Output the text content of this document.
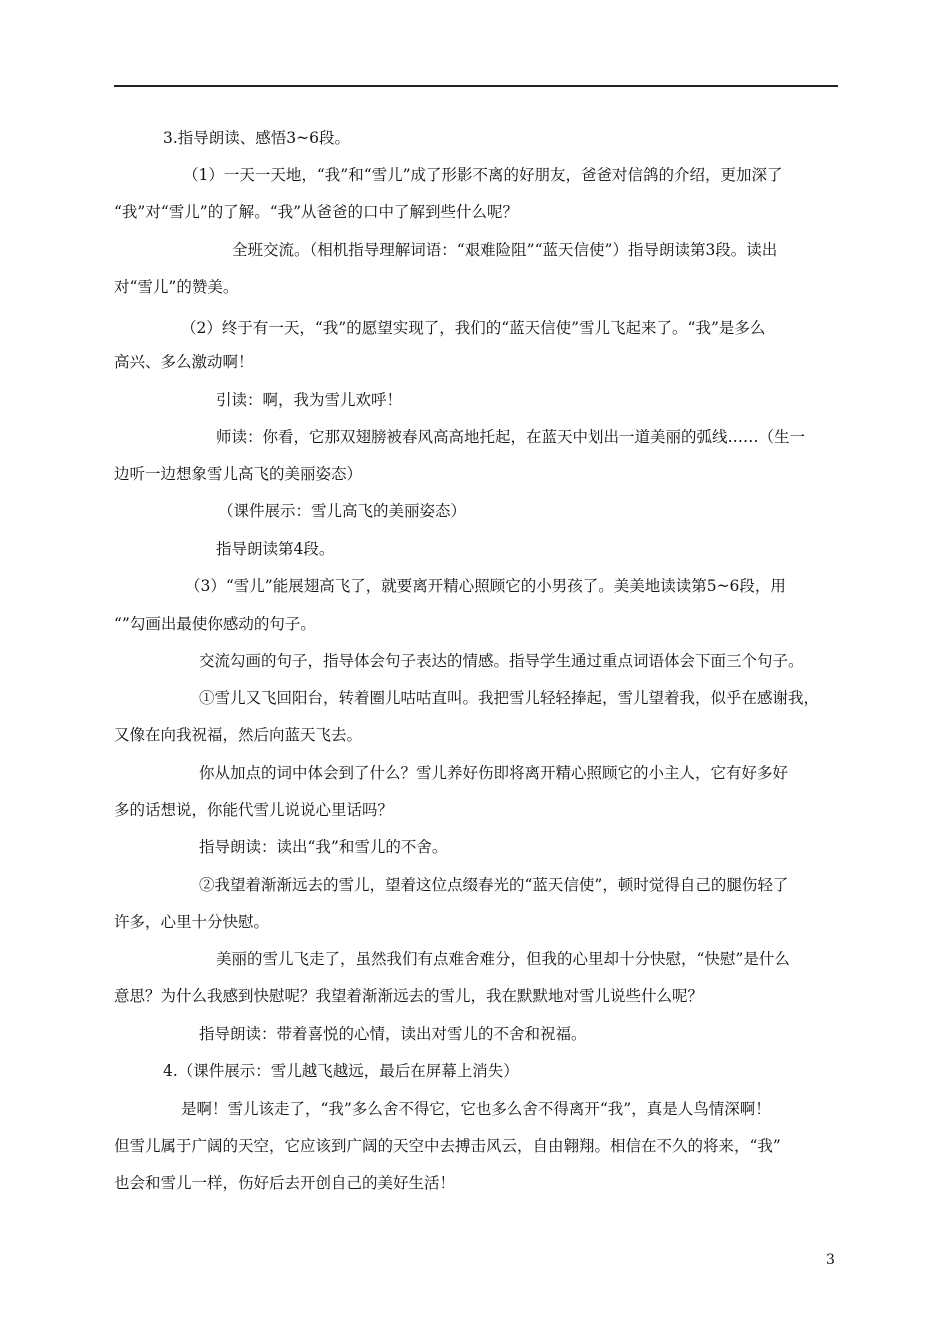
3.指导朗读、感悟3~6段。
（1）一天一天地，“我”和“雪儿”成了形影不离的好朋友，爸爸对信鸽的介绍，更加深了
“我”对“雪儿”的了解。“我”从爸爸的口中了解到些什么呢？
全班交流。（相机指导理解词语：“艰难险阻”“蓝天信使”）指导朗读第3段。读出
对“雪儿”的赞美。
（2）终于有一天，“我”的愿望实现了，我们的“蓝天信使”雪儿飞起来了。“我”是多么
高兴、多么激动啊！
引读：啊，我为雪儿欢呼！
师读：你看，它那双翅膀被春风高高地托起，在蓝天中划出一道美丽的弧线……（生一
边听一边想象雪儿高飞的美丽姿态）
（课件展示：雪儿高飞的美丽姿态）
指导朗读第4段。
（3）“雪儿”能展翅高飞了，就要离开精心照顾它的小男孩了。美美地读读第5~6段，用
“”勾画出最使你感动的句子。
交流勾画的句子，指导体会句子表达的情感。指导学生通过重点词语体会下面三个句子。
①雪儿又飞回阳台，转着圈儿咕咕直叫。我把雪儿轻轻捧起，雪儿望着我，似乎在感谢我，
又像在向我祝福，然后向蓝天飞去。
你从加点的词中体会到了什么？雪儿养好伤即将离开精心照顾它的小主人，它有好多好
多的话想说，你能代雪儿说说心里话吗？
指导朗读：读出“我”和雪儿的不舍。
②我望着渐渐远去的雪儿，望着这位点缀春光的“蓝天信使”，顿时觉得自己的腿伤轻了
许多，心里十分快慰。
美丽的雪儿飞走了，虽然我们有点难舍难分，但我的心里却十分快慰，“快慰”是什么
意思？为什么我感到快慰呢？我望着渐渐远去的雪儿，我在默默地对雪儿说些什么呢？
指导朗读：带着喜悦的心情，读出对雪儿的不舍和祝福。
4.（课件展示：雪儿越飞越远，最后在屏幕上消失）
是啊！雪儿该走了，“我”多么舍不得它，它也多么舍不得离开“我”，真是人鸟情深啊！
但雪儿属于广阔的天空，它应该到广阔的天空中去搏击风云，自由翱翔。相信在不久的将来，“我”
也会和雪儿一样，伤好后去开创自己的美好生活！
3
